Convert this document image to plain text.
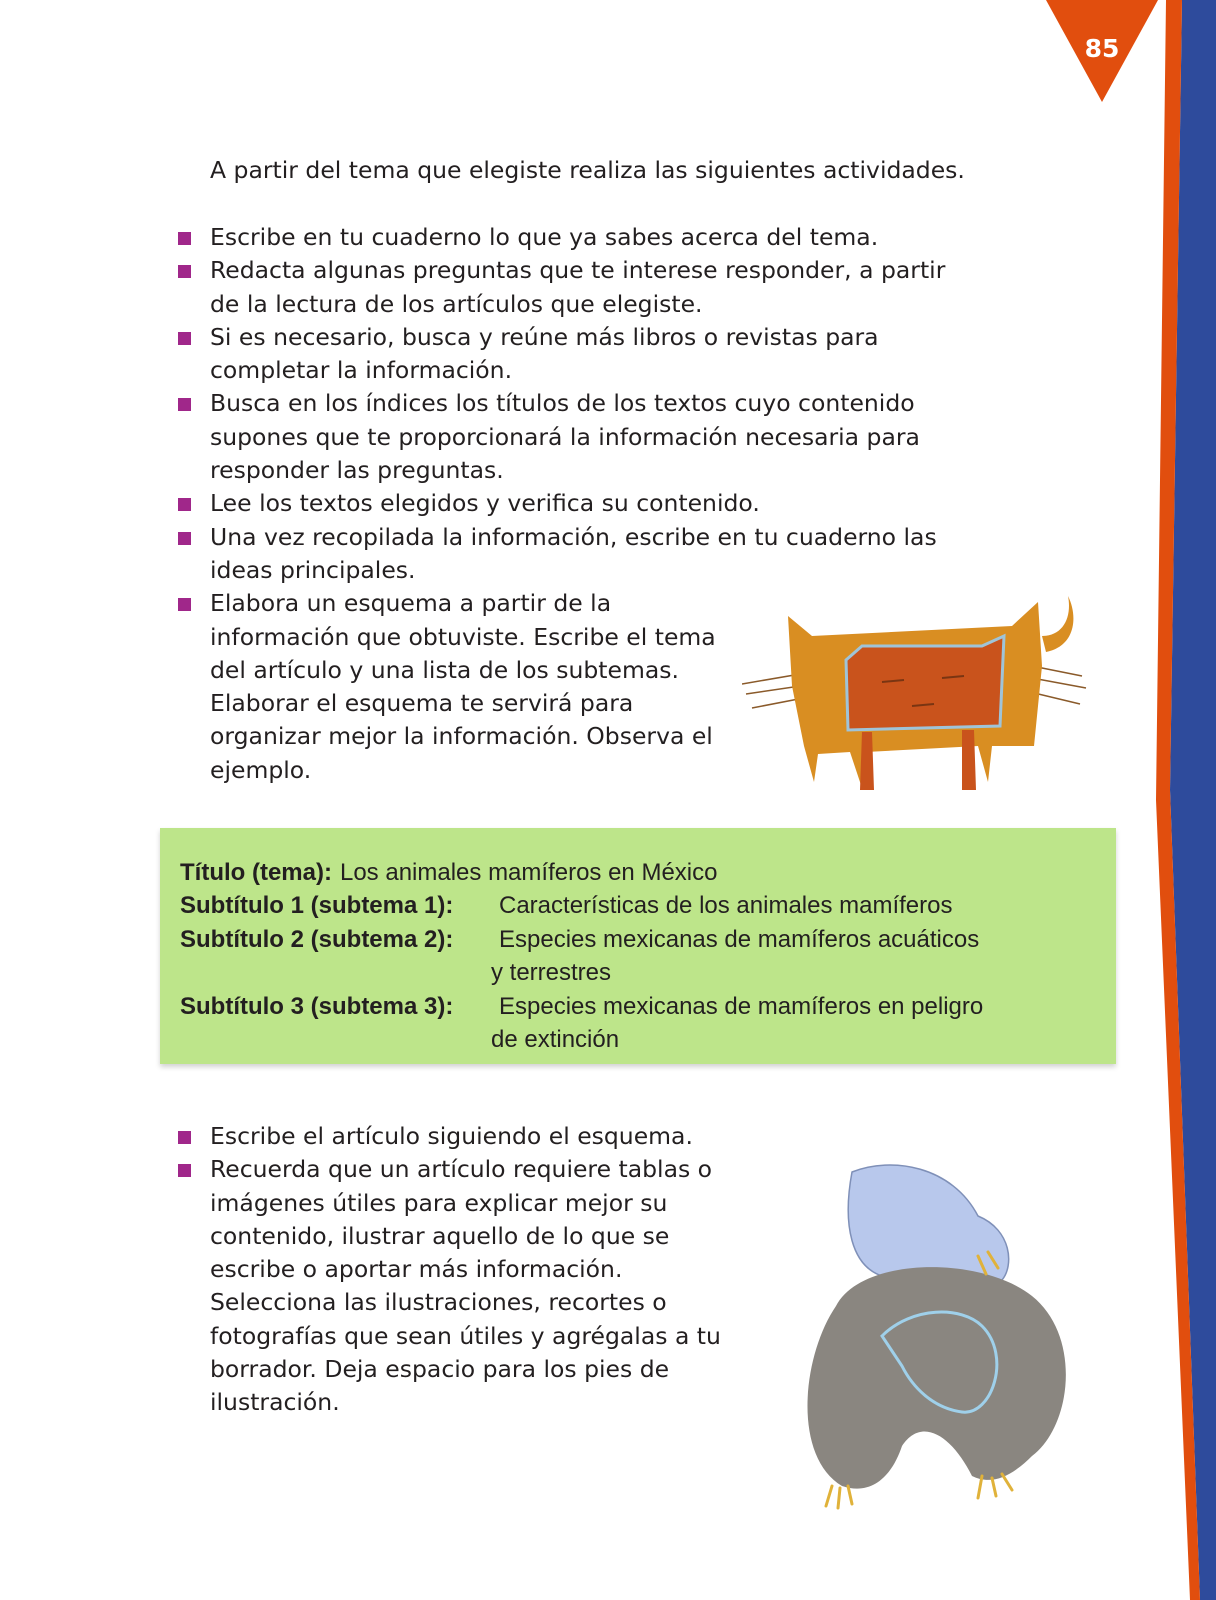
85

A partir del tema que elegiste realiza las siguientes actividades.

Escribe en tu cuaderno lo que ya sabes acerca del tema.
Redacta algunas preguntas que te interese responder, a partir de la lectura de los artículos que elegiste.
Si es necesario, busca y reúne más libros o revistas para completar la información.
Busca en los índices los títulos de los textos cuyo contenido supones que te proporcionará la información necesaria para responder las preguntas.
Lee los textos elegidos y verifica su contenido.
Una vez recopilada la información, escribe en tu cuaderno las ideas principales.
Elabora un esquema a partir de la información que obtuviste. Escribe el tema del artículo y una lista de los subtemas. Elaborar el esquema te servirá para organizar mejor la información. Observa el ejemplo.
Título (tema): Los animales mamíferos en México
Subtítulo 1 (subtema 1):	Características de los animales mamíferos
Subtítulo 2 (subtema 2):	Especies mexicanas de mamíferos acuáticos
y terrestres
Subtítulo 3 (subtema 3):	Especies mexicanas de mamíferos en peligro
de extinción
Escribe el artículo siguiendo el esquema.
Recuerda que un artículo requiere tablas o imágenes útiles para explicar mejor su contenido, ilustrar aquello de lo que se escribe o aportar más información. Selecciona las ilustraciones, recortes o fotografías que sean útiles y agrégalas a tu borrador. Deja espacio para los pies de ilustración.
